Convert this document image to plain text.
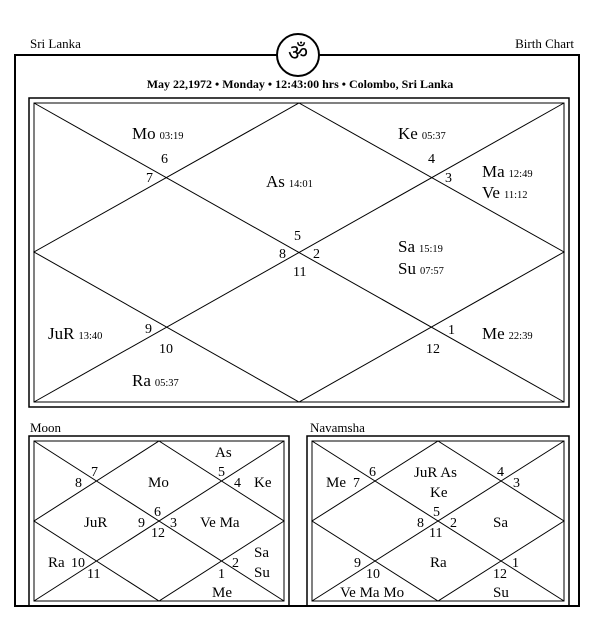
Sri Lanka	Birth Chart
ॐ
May 22,1972 • Monday • 12:43:00 hrs • Colombo, Sri Lanka
Moon	Navamsha
Mo 03:19	Ke 05:37
Ma 12:49
Ve 11:12
As 14:01
Sa 15:19
Su 07:57
JuR 13:40	Me 22:39
Ra 05:37
1
2
3
4
5
6
7
8
9
10
11
12
As
Mo	Ke
JuR	Ve Ma
Ra
Sa
Su
Me
7
8
5
4
6
9
12
3
10
11
2
1
Me
JuR As
Ke
Sa
Ra
Ve Ma Mo	Su
6
7
4
3
5
8 2
11
9
10
1
12
